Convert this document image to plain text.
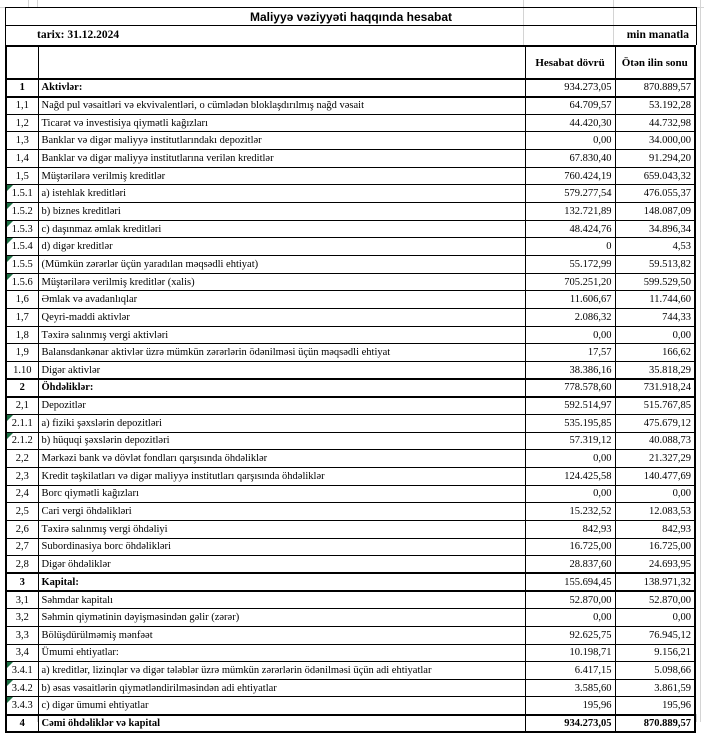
Maliyyə vəziyyəti haqqında hesabat
tarix: 31.12.2024	min manatla
		Hesabat dövrü	Ötən ilin sonu
1	Aktivlər:	934.273,05	870.889,57
1,1	Nağd pul vəsaitləri və ekvivalentləri, o cümlədən bloklaşdırılmış nağd vəsait	64.709,57	53.192,28
1,2	Ticarət və investisiya qiymətli kağızları	44.420,30	44.732,98
1,3	Banklar və digər maliyyə institutlarındakı depozitlər	0,00	34.000,00
1,4	Banklar və digər maliyyə institutlarına verilən kreditlər	67.830,40	91.294,20
1,5	Müştərilərə verilmiş kreditlər	760.424,19	659.043,32

1.5.1	a) istehlak kreditləri	579.277,54	476.055,37

1.5.2	b) biznes kreditləri	132.721,89	148.087,09

1.5.3	c) daşınmaz əmlak kreditləri	48.424,76	34.896,34

1.5.4	d) digər kreditlər	0	4,53

1.5.5	(Mümkün zərərlər üçün yaradılan məqsədli ehtiyat)	55.172,99	59.513,82

1.5.6	Müştərilərə verilmiş kreditlər (xalis)	705.251,20	599.529,50
1,6	Əmlak və avadanlıqlar	11.606,67	11.744,60
1,7	Qeyri-maddi aktivlər	2.086,32	744,33
1,8	Təxirə salınmış vergi aktivləri	0,00	0,00
1,9	Balansdankənar aktivlər üzrə mümkün zərərlərin ödənilməsi üçün məqsədli ehtiyat	17,57	166,62
1.10	Digər aktivlər	38.386,16	35.818,29
2	Öhdəliklər:	778.578,60	731.918,24
2,1	Depozitlər	592.514,97	515.767,85

2.1.1	a) fiziki şəxslərin depozitləri	535.195,85	475.679,12

2.1.2	b) hüquqi şəxslərin depozitləri	57.319,12	40.088,73
2,2	Mərkəzi bank və dövlət fondları qarşısında öhdəliklər	0,00	21.327,29
2,3	Kredit təşkilatları və digər maliyyə institutları qarşısında öhdəliklər	124.425,58	140.477,69
2,4	Borc qiymətli kağızları	0,00	0,00
2,5	Cari vergi öhdəlikləri	15.232,52	12.083,53
2,6	Təxirə salınmış vergi öhdəliyi	842,93	842,93
2,7	Subordinasiya borc öhdəlikləri	16.725,00	16.725,00
2,8	Digər öhdəliklər	28.837,60	24.693,95
3	Kapital:	155.694,45	138.971,32
3,1	Səhmdar kapitalı	52.870,00	52.870,00
3,2	Səhmin qiymətinin dəyişməsindən gəlir (zərər)	0,00	0,00
3,3	Bölüşdürülməmiş mənfəət	92.625,75	76.945,12
3,4	Ümumi ehtiyatlar:	10.198,71	9.156,21

3.4.1	a) kreditlər, lizinqlər və digər tələblər üzrə mümkün zərərlərin ödənilməsi üçün adi ehtiyatlar	6.417,15	5.098,66

3.4.2	b) əsas vəsaitlərin qiymətləndirilməsindən adi ehtiyatlar	3.585,60	3.861,59

3.4.3	c) digər ümumi ehtiyatlar	195,96	195,96
4	Cəmi öhdəliklər və kapital	934.273,05	870.889,57
